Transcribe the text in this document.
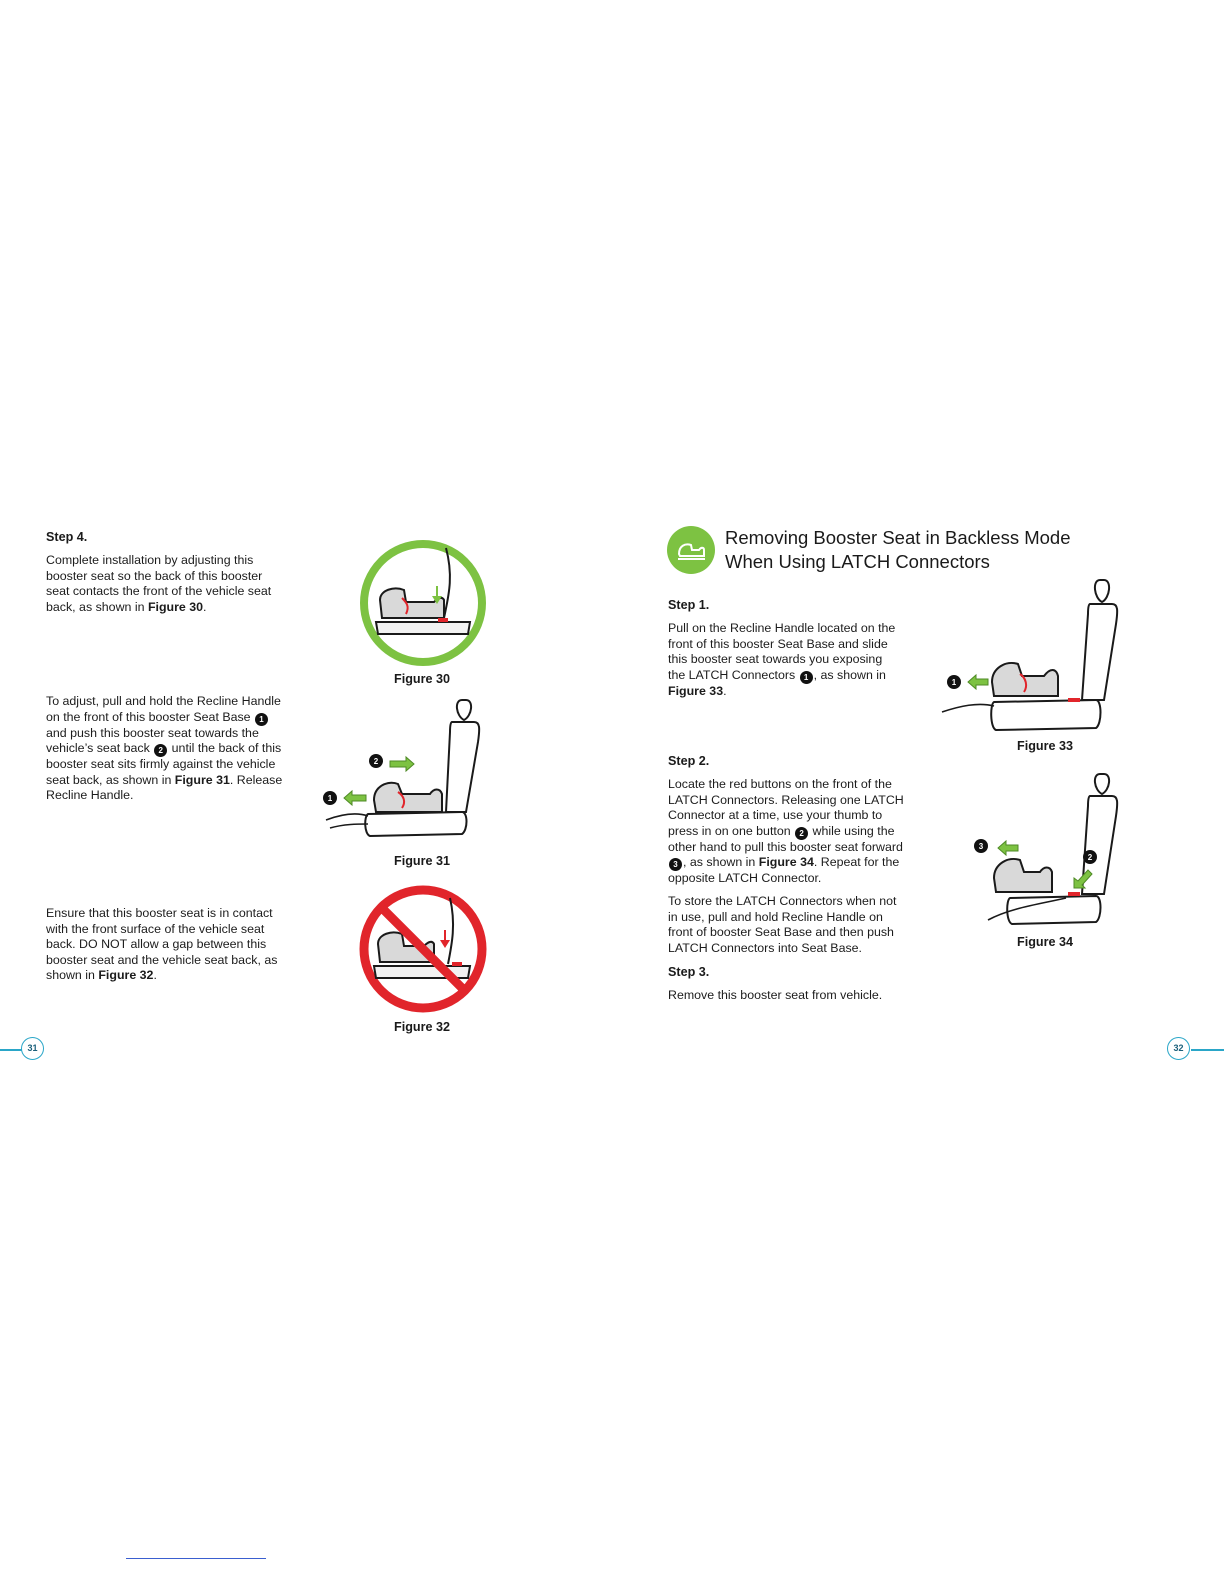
Step 4.

Complete installation by adjusting this booster seat so the back of this booster seat contacts the front of the vehicle seat back, as shown in Figure 30.

To adjust, pull and hold the Recline Handle on the front of this booster Seat Base 1 and push this booster seat towards the vehicle’s seat back 2 until the back of this booster seat sits firmly against the vehicle seat back, as shown in Figure 31. Release Recline Handle.

Ensure that this booster seat is in contact with the front surface of the vehicle seat back. DO NOT allow a gap between this booster seat and the vehicle seat back, as shown in Figure 32.

Figure 30
1
2
Figure 31
Figure 32
31

Removing Booster Seat in Backless Mode

When Using LATCH Connectors

Step 1.

Pull on the Recline Handle located on the front of this booster Seat Base and slide this booster seat towards you exposing the LATCH Connectors 1 , as shown in Figure 33.

Step 2.

Locate the red buttons on the front of the LATCH Connectors. Releasing one LATCH Connector at a time, use your thumb to press in on one button 2 while using the other hand to pull this booster seat forward 3 , as shown in Figure 34. Repeat for the opposite LATCH Connector.

To store the LATCH Connectors when not in use, pull and hold Recline Handle on front of booster Seat Base and then push LATCH Connectors into Seat Base.

Step 3.

Remove this booster seat from vehicle.

1
Figure 33
3
2
Figure 34
32
